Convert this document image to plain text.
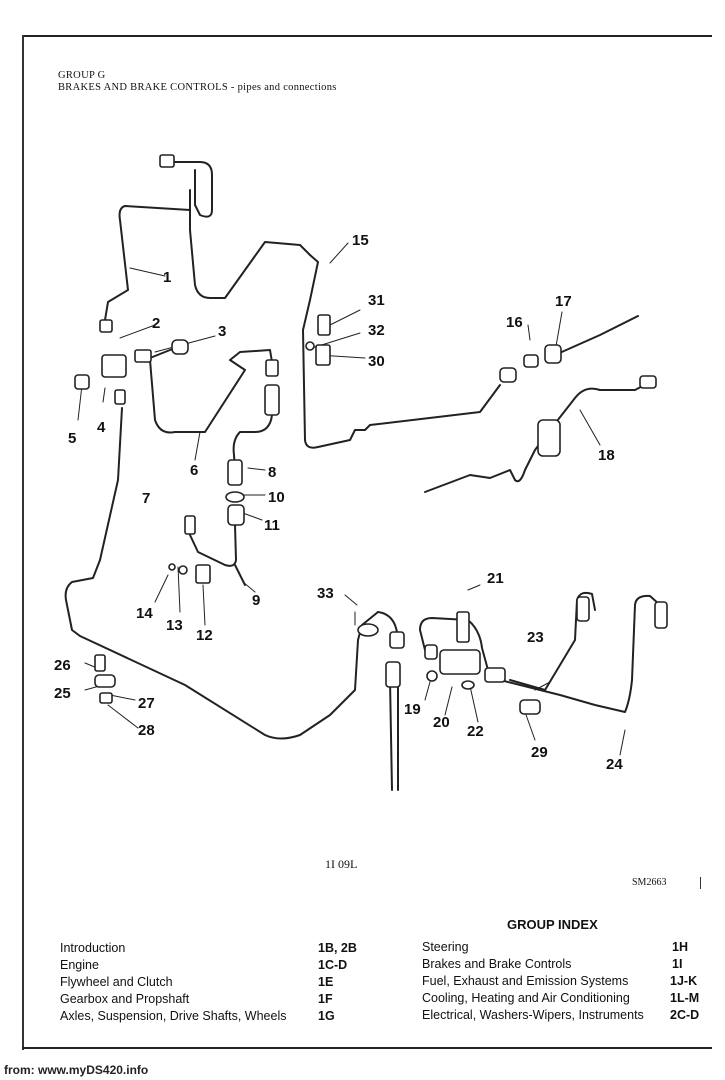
GROUP G
BRAKES AND BRAKE CONTROLS - pipes and connections
1
2	3
4
5
6
7
8
9
10
11
12
13
14
15
16
17
18
19
20
21
22
23
24
25
26
27
28
29
30
31
32
33
1I 09L
SM2663
GROUP INDEX
Introduction	1B, 2B
Engine	1C-D
Flywheel and Clutch	1E
Gearbox and Propshaft	1F
Axles, Suspension, Drive Shafts, Wheels	1G
Steering	1H
Brakes and Brake Controls	1I
Fuel, Exhaust and Emission Systems	1J-K
Cooling, Heating and Air Conditioning	1L-M
Electrical, Washers-Wipers, Instruments 2C-D
from: www.myDS420.info
